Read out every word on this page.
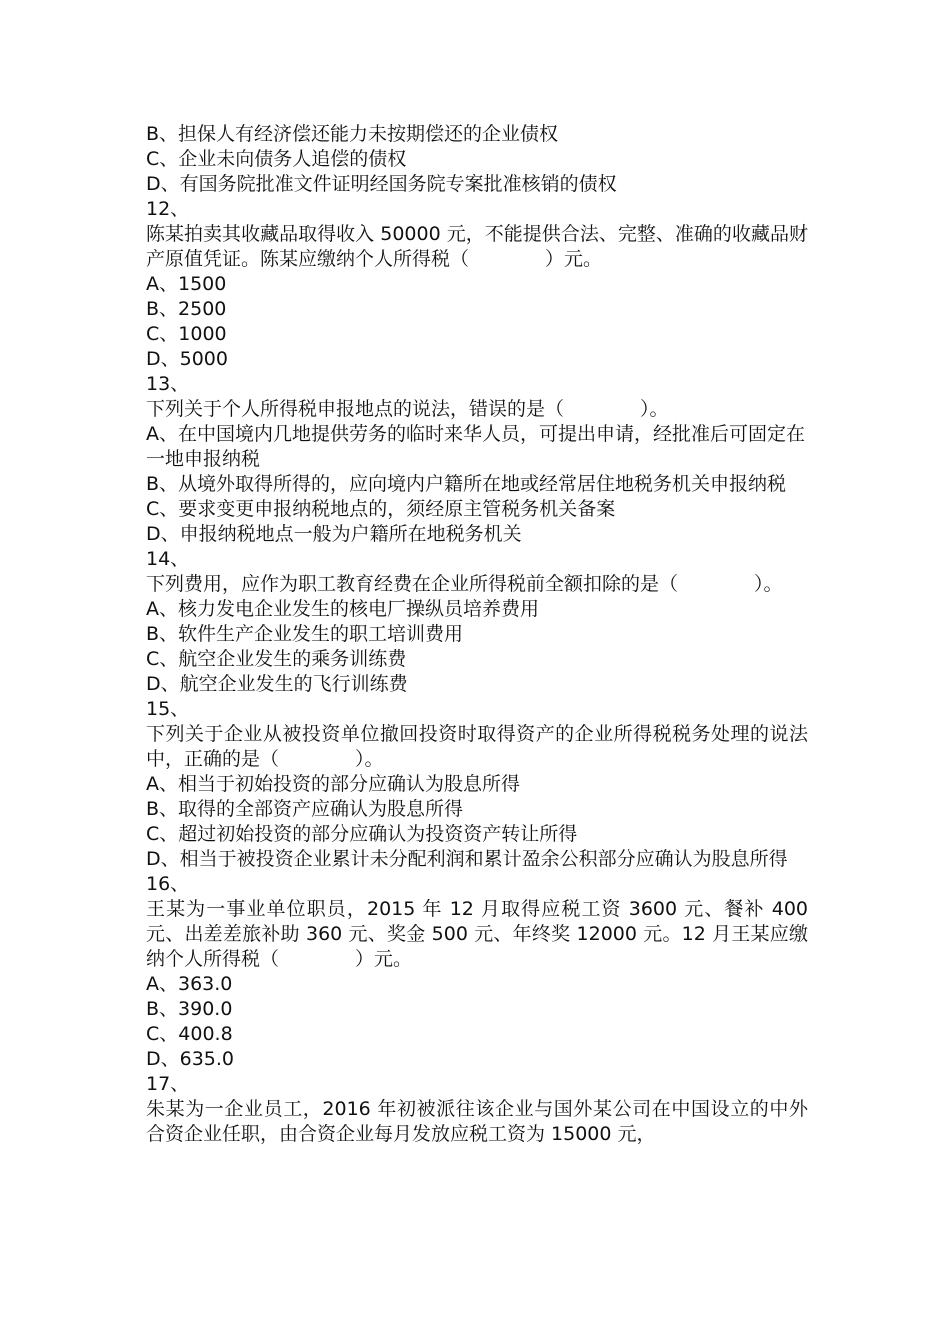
B、担保人有经济偿还能力未按期偿还的企业债权
C、企业未向债务人追偿的债权
D、有国务院批准文件证明经国务院专案批准核销的债权
12、
陈某拍卖其收藏品取得收入 50000 元，不能提供合法、完整、准确的收藏品财产原值凭证。陈某应缴纳个人所得税（　　　　）元。
A、1500
B、2500
C、1000
D、5000
13、
下列关于个人所得税申报地点的说法，错误的是（　　　　）。
A、在中国境内几地提供劳务的临时来华人员，可提出申请，经批准后可固定在一地申报纳税
B、从境外取得所得的，应向境内户籍所在地或经常居住地税务机关申报纳税
C、要求变更申报纳税地点的，须经原主管税务机关备案
D、申报纳税地点一般为户籍所在地税务机关
14、
下列费用，应作为职工教育经费在企业所得税前全额扣除的是（　　　　）。
A、核力发电企业发生的核电厂操纵员培养费用
B、软件生产企业发生的职工培训费用
C、航空企业发生的乘务训练费
D、航空企业发生的飞行训练费
15、
下列关于企业从被投资单位撤回投资时取得资产的企业所得税税务处理的说法中，正确的是（　　　　）。
A、相当于初始投资的部分应确认为股息所得
B、取得的全部资产应确认为股息所得
C、超过初始投资的部分应确认为投资资产转让所得
D、相当于被投资企业累计未分配利润和累计盈余公积部分应确认为股息所得
16、
王某为一事业单位职员，2015 年 12 月取得应税工资 3600 元、餐补 400 元、出差差旅补助 360 元、奖金 500 元、年终奖 12000 元。12 月王某应缴纳个人所得税（　　　　）元。
A、363.0
B、390.0
C、400.8
D、635.0
17、
朱某为一企业员工，2016 年初被派往该企业与国外某公司在中国设立的中外合资企业任职，由合资企业每月发放应税工资为 15000 元，
